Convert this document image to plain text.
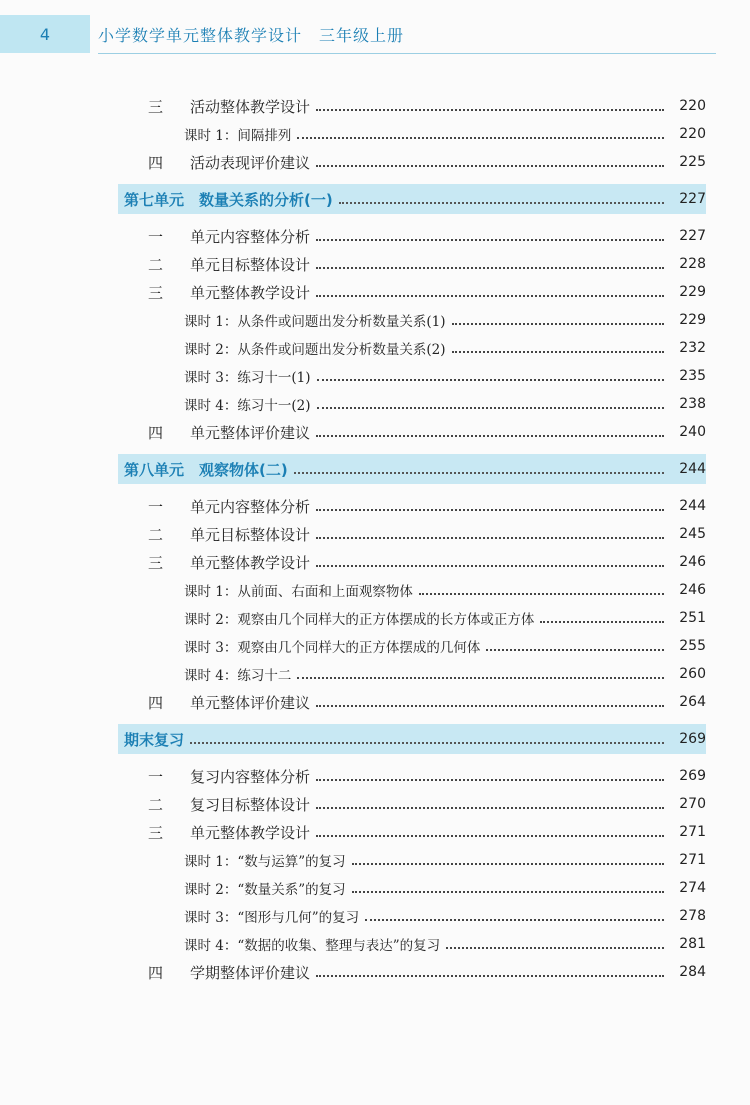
4	小学数学单元整体教学设计　三年级上册
三	活动整体教学设计	220
课时 1：间隔排列	220
四	活动表现评价建议	225
第七单元　数量关系的分析(一)	227
一	单元内容整体分析	227
二	单元目标整体设计	228
三	单元整体教学设计	229
课时 1：从条件或问题出发分析数量关系(1)	229
课时 2：从条件或问题出发分析数量关系(2)	232
课时 3：练习十一(1)	235
课时 4：练习十一(2)	238
四	单元整体评价建议	240
第八单元　观察物体(二)	244
一	单元内容整体分析	244
二	单元目标整体设计	245
三	单元整体教学设计	246
课时 1：从前面、右面和上面观察物体	246
课时 2：观察由几个同样大的正方体摆成的长方体或正方体	251
课时 3：观察由几个同样大的正方体摆成的几何体	255
课时 4：练习十二	260
四	单元整体评价建议	264
期末复习	269
一	复习内容整体分析	269
二	复习目标整体设计	270
三	单元整体教学设计	271
课时 1：“数与运算”的复习	271
课时 2：“数量关系”的复习	274
课时 3：“图形与几何”的复习	278
课时 4：“数据的收集、整理与表达”的复习	281
四	学期整体评价建议	284
